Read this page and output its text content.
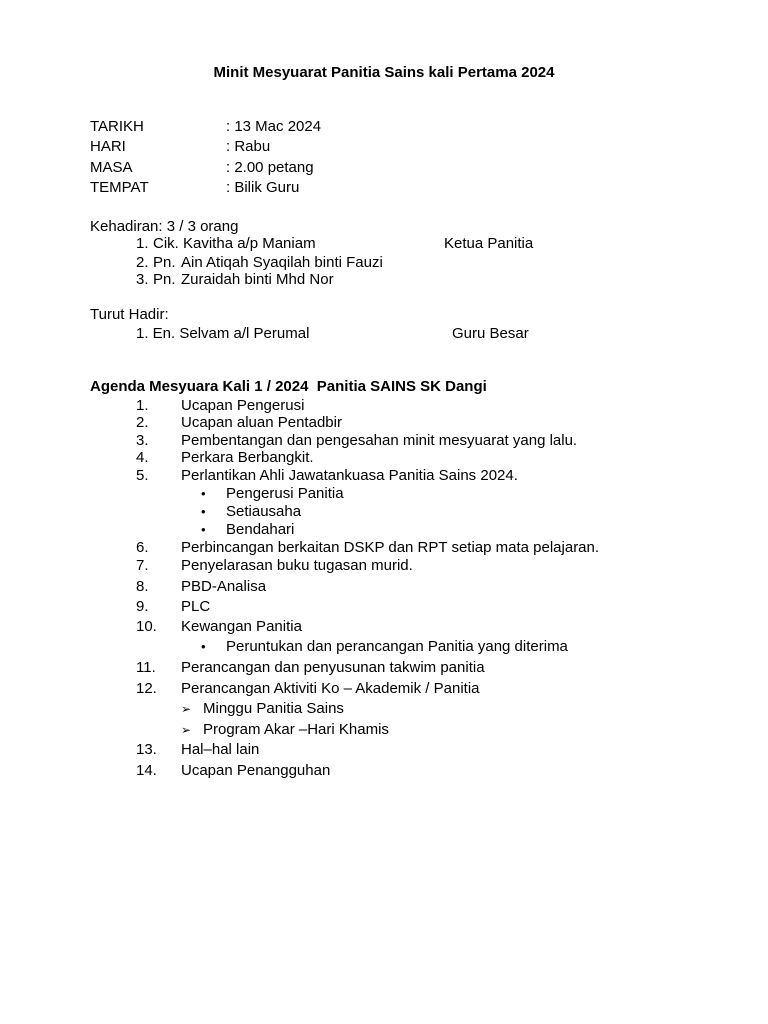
Minit Mesyuarat Panitia Sains kali Pertama 2024
TARIKH	: 13 Mac 2024
HARI	: Rabu
MASA	: 2.00 petang
TEMPAT	: Bilik Guru
Kehadiran: 3 / 3 orang
1. Cik. Kavitha a/p Maniam	Ketua Panitia
2. Pn. Ain Atiqah Syaqilah binti Fauzi
3. Pn. Zuraidah binti Mhd Nor
Turut Hadir:
1. En. Selvam a/l Perumal	Guru Besar
Agenda Mesyuara Kali 1 / 2024  Panitia SAINS SK Dangi
1. Ucapan Pengerusi
2. Ucapan aluan Pentadbir
3. Pembentangan dan pengesahan minit mesyuarat yang lalu.
4. Perkara Berbangkit.
5. Perlantikan Ahli Jawatankuasa Panitia Sains 2024.
• Pengerusi Panitia
• Setiausaha
• Bendahari
6. Perbincangan berkaitan DSKP dan RPT setiap mata pelajaran.
7. Penyelarasan buku tugasan murid.
8. PBD-Analisa
9. PLC
10. Kewangan Panitia
• Peruntukan dan perancangan Panitia yang diterima
11. Perancangan dan penyusunan takwim panitia
12. Perancangan Aktiviti Ko – Akademik / Panitia
➢ Minggu Panitia Sains
➢ Program Akar –Hari Khamis
13. Hal–hal lain
14. Ucapan Penangguhan
